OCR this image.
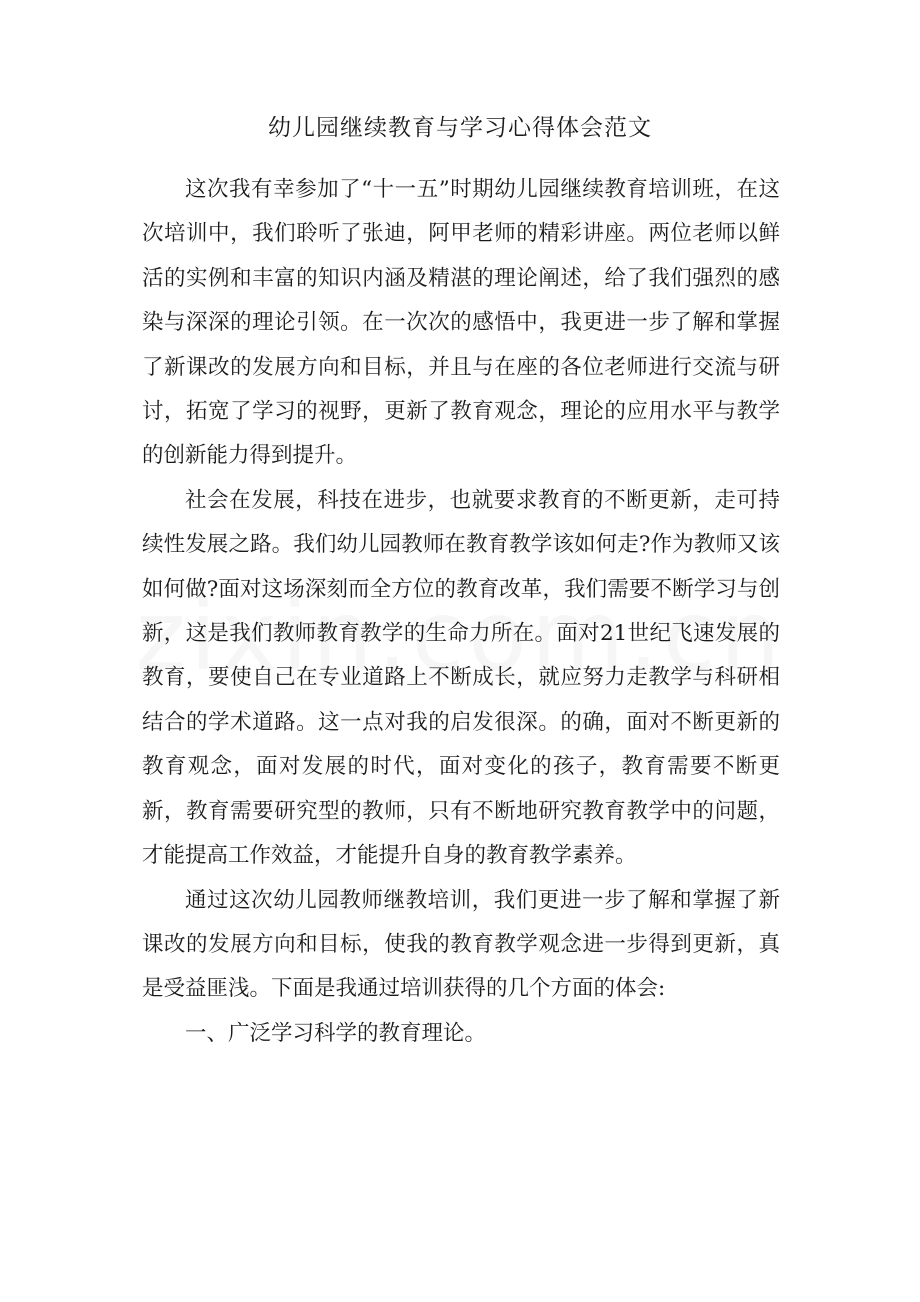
幼儿园继续教育与学习心得体会范文

这次我有幸参加了“十一五”时期幼儿园继续教育培训班，在这次培训中，我们聆听了张迪，阿甲老师的精彩讲座。两位老师以鲜活的实例和丰富的知识内涵及精湛的理论阐述，给了我们强烈的感染与深深的理论引领。在一次次的感悟中，我更进一步了解和掌握了新课改的发展方向和目标，并且与在座的各位老师进行交流与研讨，拓宽了学习的视野，更新了教育观念，理论的应用水平与教学的创新能力得到提升。

社会在发展，科技在进步，也就要求教育的不断更新，走可持续性发展之路。我们幼儿园教师在教育教学该如何走?作为教师又该如何做?面对这场深刻而全方位的教育改革，我们需要不断学习与创新，这是我们教师教育教学的生命力所在。面对21世纪飞速发展的教育，要使自己在专业道路上不断成长，就应努力走教学与科研相结合的学术道路。这一点对我的启发很深。的确，面对不断更新的教育观念，面对发展的时代，面对变化的孩子，教育需要不断更新，教育需要研究型的教师，只有不断地研究教育教学中的问题，才能提高工作效益，才能提升自身的教育教学素养。

通过这次幼儿园教师继教培训，我们更进一步了解和掌握了新课改的发展方向和目标，使我的教育教学观念进一步得到更新，真是受益匪浅。下面是我通过培训获得的几个方面的体会:

一、广泛学习科学的教育理论。
